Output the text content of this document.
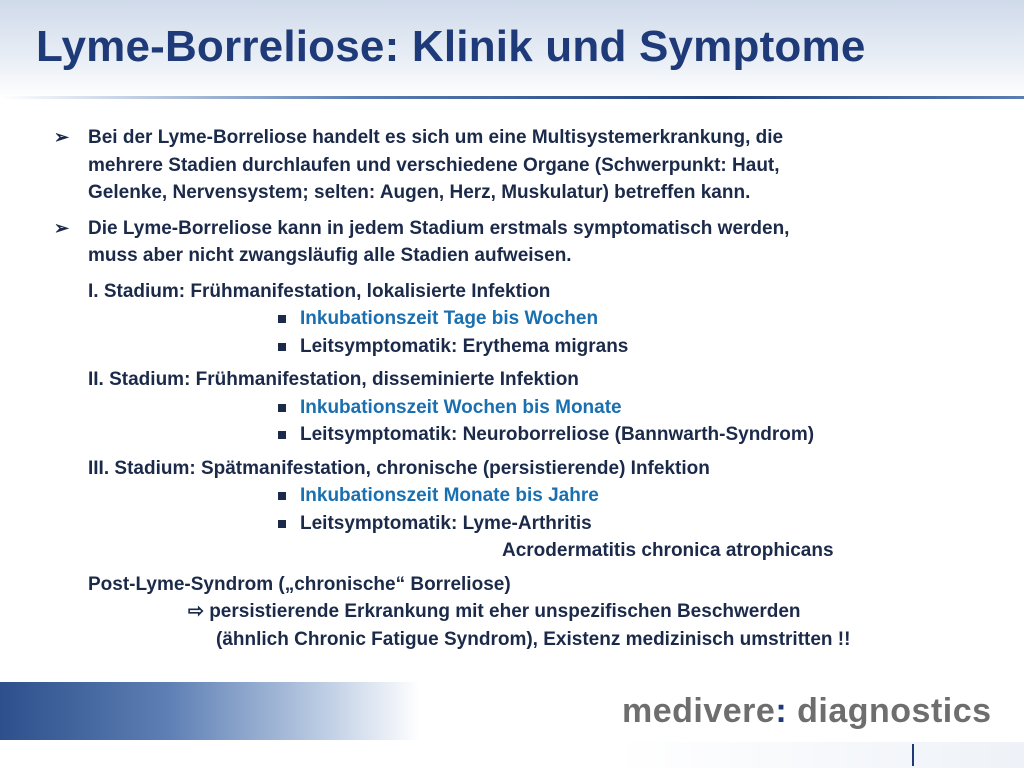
Lyme-Borreliose: Klinik und Symptome
➢ Bei der Lyme-Borreliose handelt es sich um eine Multisystemerkrankung, die
mehrere Stadien durchlaufen und verschiedene Organe (Schwerpunkt: Haut,
Gelenke, Nervensystem; selten: Augen, Herz, Muskulatur) betreffen kann.
➢ Die Lyme-Borreliose kann in jedem Stadium erstmals symptomatisch werden,
muss aber nicht zwangsläufig alle Stadien aufweisen.
I. Stadium: Frühmanifestation, lokalisierte Infektion
Inkubationszeit Tage bis Wochen
Leitsymptomatik: Erythema migrans
II. Stadium: Frühmanifestation, disseminierte Infektion
Inkubationszeit Wochen bis Monate
Leitsymptomatik: Neuroborreliose (Bannwarth-Syndrom)
III. Stadium: Spätmanifestation, chronische (persistierende) Infektion
Inkubationszeit Monate bis Jahre
Leitsymptomatik: Lyme-Arthritis
Acrodermatitis chronica atrophicans
Post-Lyme-Syndrom („chronische“ Borreliose)
⇨ persistierende Erkrankung mit eher unspezifischen Beschwerden
(ähnlich Chronic Fatigue Syndrom), Existenz medizinisch umstritten !!
medivere: diagnostics
